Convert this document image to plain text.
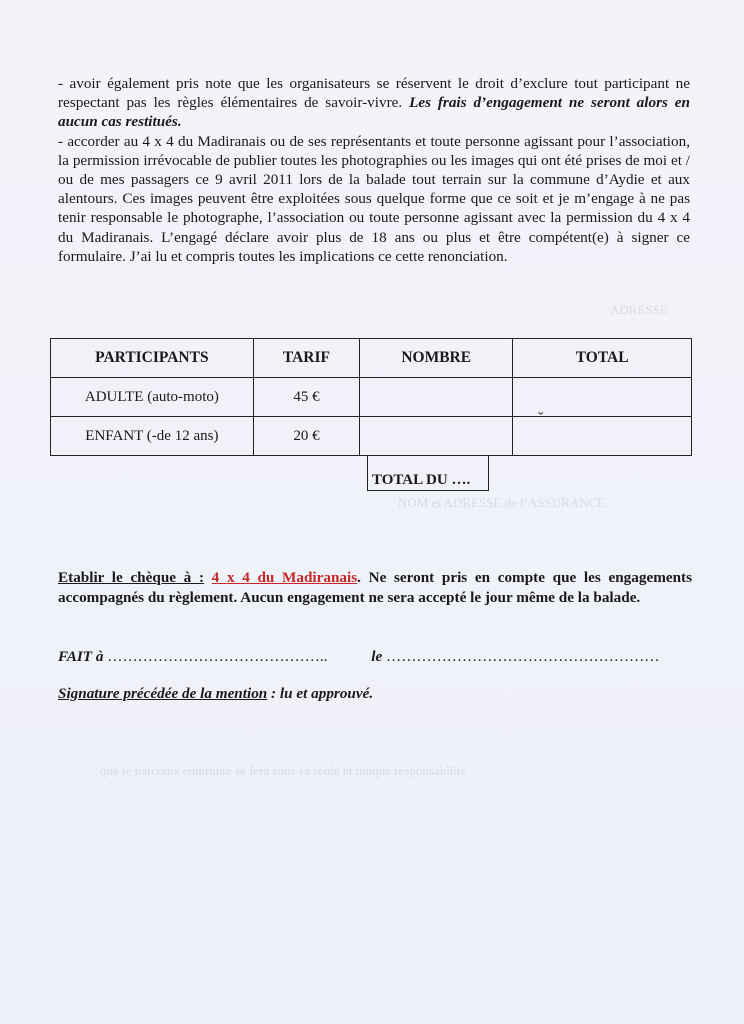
- avoir également pris note que les organisateurs se réservent le droit d’exclure tout participant ne respectant pas les règles élémentaires de savoir-vivre. Les frais d’engagement ne seront alors en aucun cas restitués.

- accorder au 4 x 4 du Madiranais ou de ses représentants et toute personne agissant pour l’association, la permission irrévocable de publier toutes les photographies ou les images qui ont été prises de moi et / ou de mes passagers ce 9 avril 2011 lors de la balade tout terrain sur la commune d’Aydie et aux alentours. Ces images peuvent être exploitées sous quelque forme que ce soit et je m’engage à ne pas tenir responsable le photographe, l’association ou toute personne agissant avec la permission du 4 x 4 du Madiranais. L’engagé déclare avoir plus de 18 ans ou plus et être compétent(e) à signer ce formulaire. J’ai lu et compris toutes les implications ce cette renonciation.

PARTICIPANTS	TARIF	NOMBRE	TOTAL
ADULTE (auto-moto)	45 €		
ENFANT (-de 12 ans)	20 €		
ˬ
TOTAL DU ….
ADRESSE
NOM et ADRESSE de l’ASSURANCE
que le parcours emprunté se fera sous sa seule et unique responsabilité
Etablir le chèque à : 4 x 4 du Madiranais. Ne seront pris en compte que les engagements accompagnés du règlement. Aucun engagement ne sera accepté le jour même de la balade.
FAIT à ……………………………………..	le ………………………………………………
Signature précédée de la mention : lu et approuvé.
